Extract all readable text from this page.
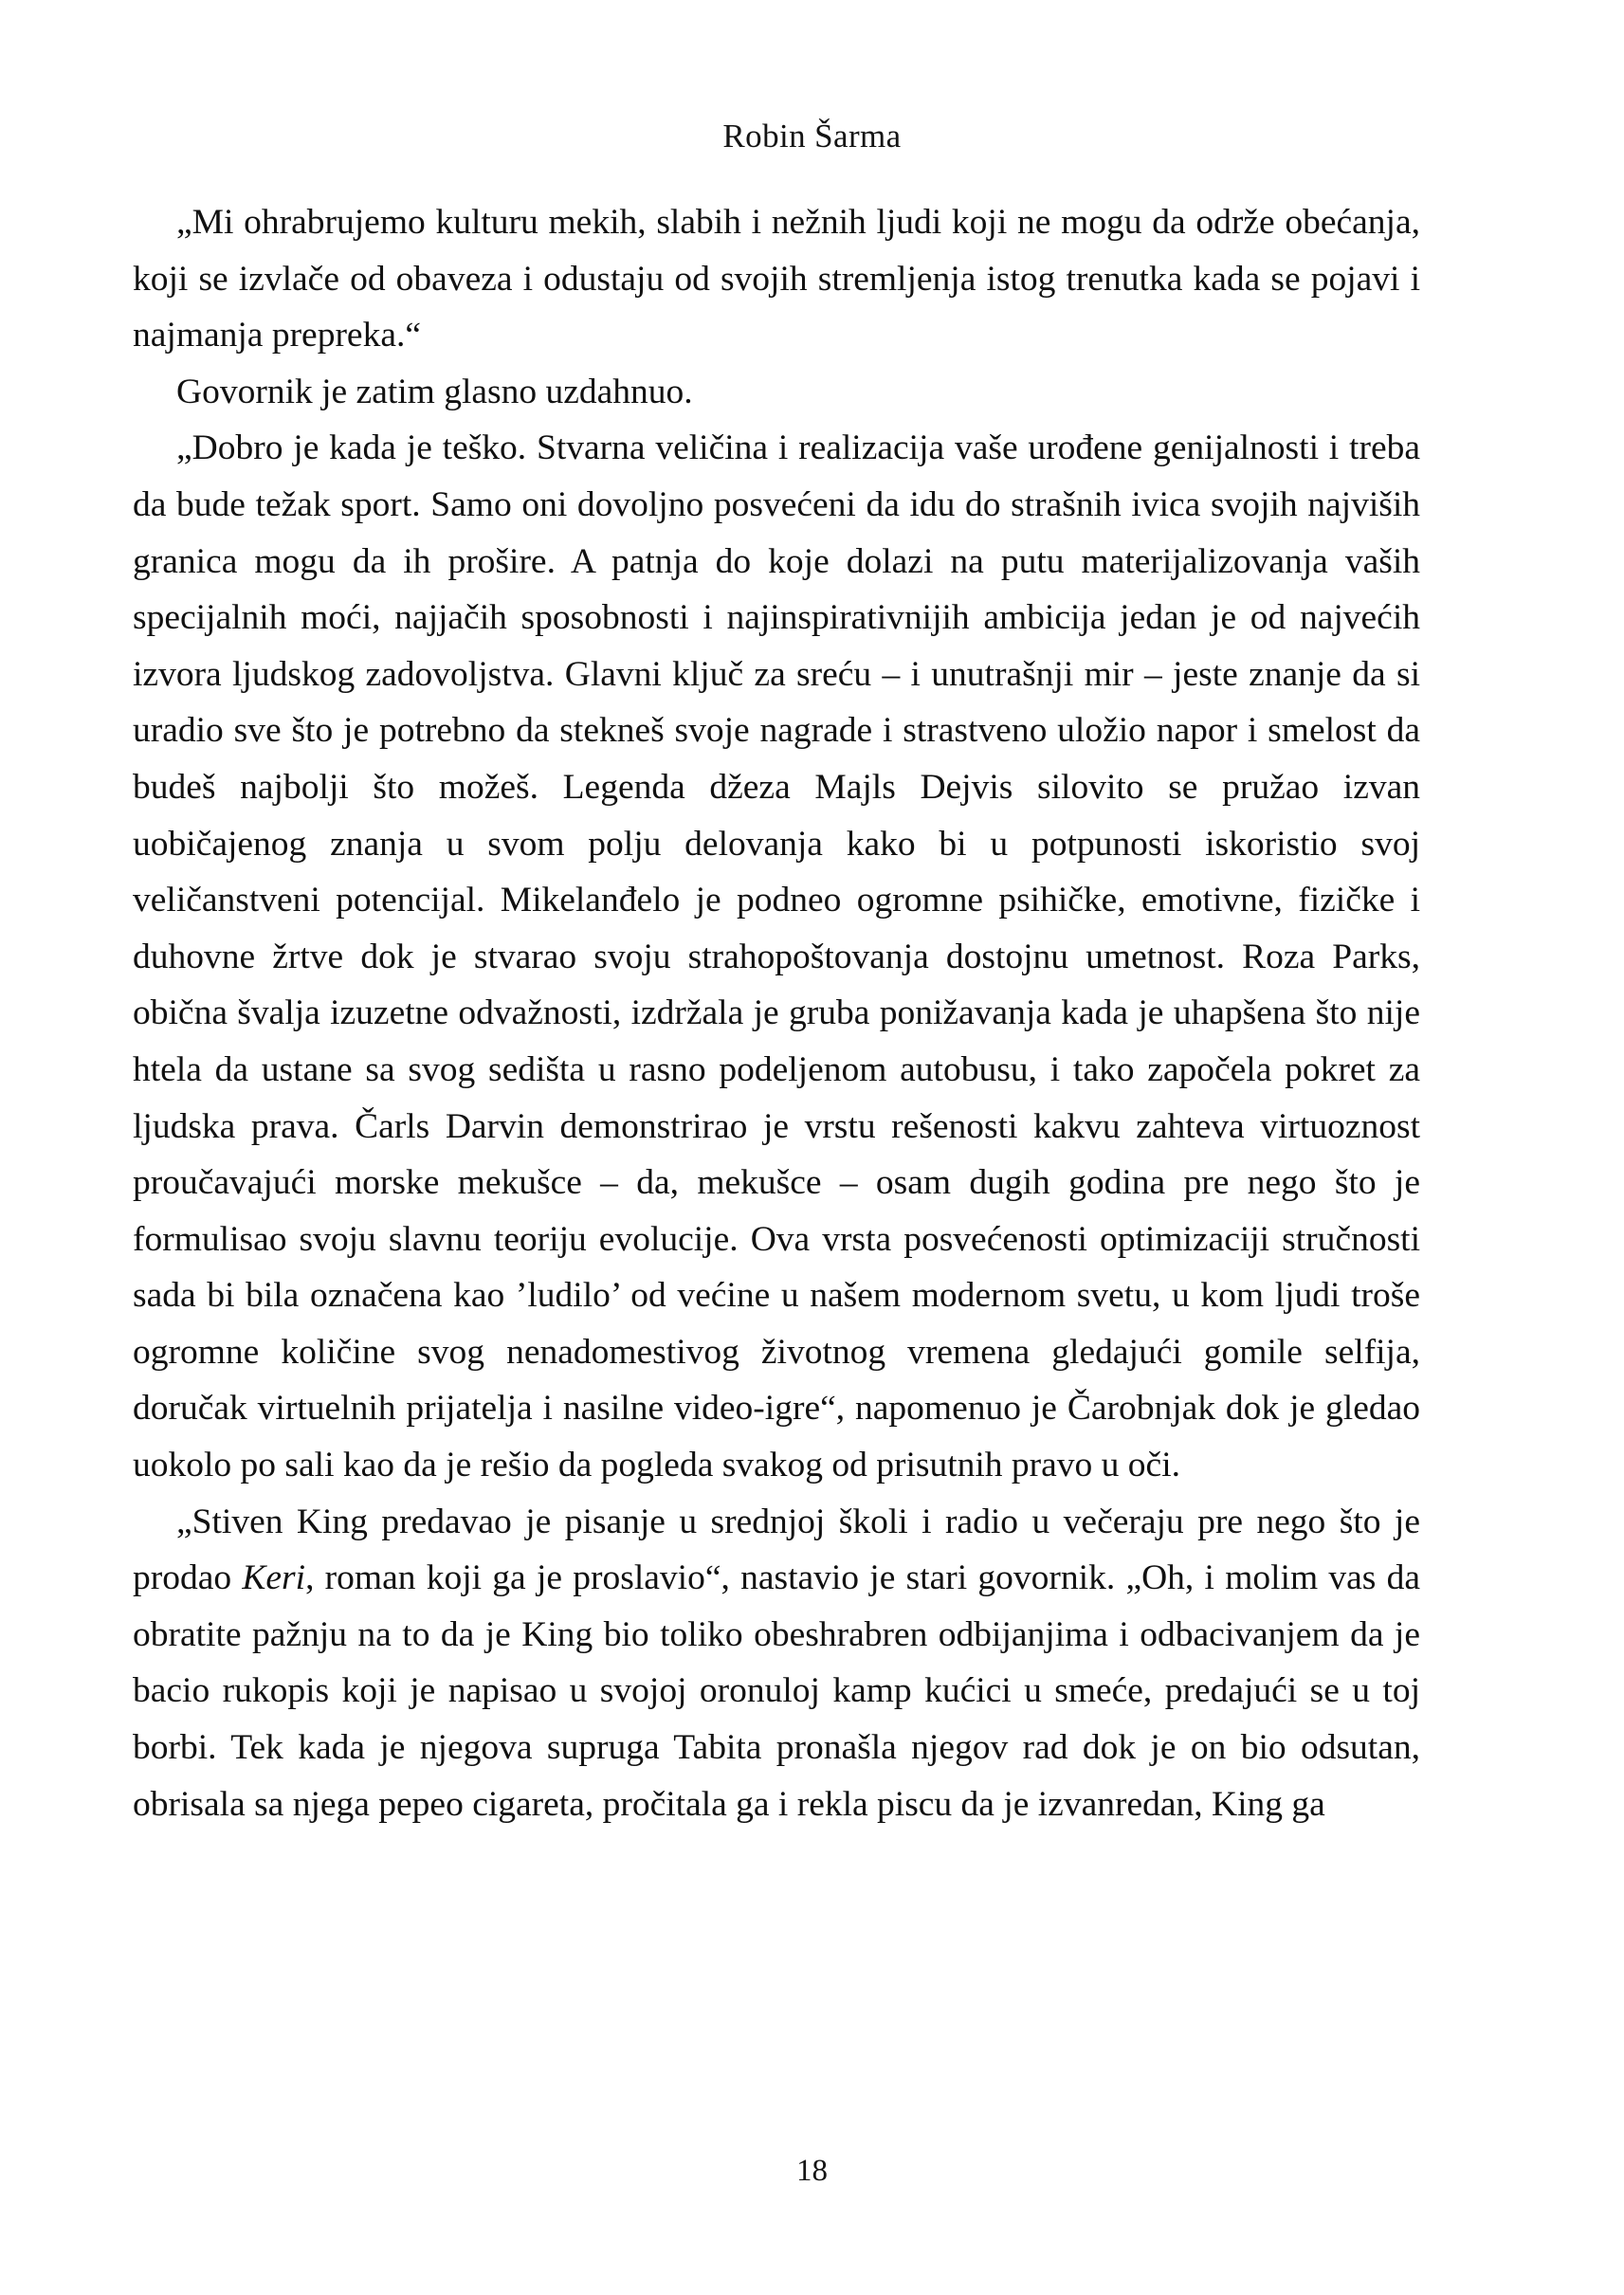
Robin Šarma

„Mi ohrabrujemo kulturu mekih, slabih i nežnih ljudi koji ne mogu da održe obećanja, koji se izvlače od obaveza i odustaju od svojih stremljenja istog trenutka kada se pojavi i najmanja prepreka.“

Govornik je zatim glasno uzdahnuo.

„Dobro je kada je teško. Stvarna veličina i realizacija vaše urođene genijalnosti i treba da bude težak sport. Samo oni dovoljno posvećeni da idu do strašnih ivica svojih najviših granica mogu da ih prošire. A patnja do koje dolazi na putu materijalizovanja vaših specijalnih moći, najjačih sposobnosti i najinspirativnijih ambicija jedan je od najvećih izvora ljudskog zadovoljstva. Glavni ključ za sreću – i unutrašnji mir – jeste znanje da si uradio sve što je potrebno da stekneš svoje nagrade i strastveno uložio napor i smelost da budeš najbolji što možeš. Legenda džeza Majls Dejvis silovito se pružao izvan uobičajenog znanja u svom polju delovanja kako bi u potpunosti iskoristio svoj veličanstveni potencijal. Mikelanđelo je podneo ogromne psihičke, emotivne, fizičke i duhovne žrtve dok je stvarao svoju strahopoštovanja dostojnu umetnost. Roza Parks, obična švalja izuzetne odvažnosti, izdržala je gruba ponižavanja kada je uhapšena što nije htela da ustane sa svog sedišta u rasno podeljenom autobusu, i tako započela pokret za ljudska prava. Čarls Darvin demonstrirao je vrstu rešenosti kakvu zahteva virtuoznost proučavajući morske mekušce – da, mekušce – osam dugih godina pre nego što je formulisao svoju slavnu teoriju evolucije. Ova vrsta posvećenosti optimizaciji stručnosti sada bi bila označena kao ’ludilo’ od većine u našem modernom svetu, u kom ljudi troše ogromne količine svog nenadomestivog životnog vremena gledajući gomile selfija, doručak virtuelnih prijatelja i nasilne video-igre“, napomenuo je Čarobnjak dok je gledao uokolo po sali kao da je rešio da pogleda svakog od prisutnih pravo u oči.

„Stiven King predavao je pisanje u srednjoj školi i radio u večeraju pre nego što je prodao Keri, roman koji ga je proslavio“, nastavio je stari govornik. „Oh, i molim vas da obratite pažnju na to da je King bio toliko obeshrabren odbijanjima i odbacivanjem da je bacio rukopis koji je napisao u svojoj oronuloj kamp kućici u smeće, predajući se u toj borbi. Tek kada je njegova supruga Tabita pronašla njegov rad dok je on bio odsutan, obrisala sa njega pepeo cigareta, pročitala ga i rekla piscu da je izvanredan, King ga

18
